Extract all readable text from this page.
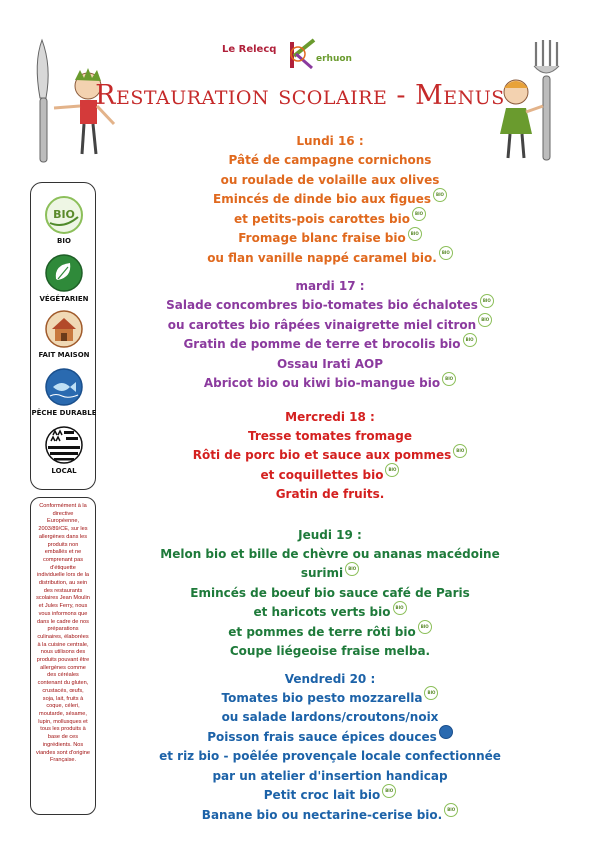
Le Relecq
erhuon
Restauration scolaire - Menus
BIO
BIO
VÉGÉTARIEN
FAIT MAISON
PÊCHE DURABLE
LOCAL
Conformément à la directive Européenne, 2003/89/CE, sur les allergènes dans les produits non emballés et ne comprenant pas d'étiquette individuelle lors de la distribution, au sein des restaurants scolaires Jean Moulin et Jules Ferry, nous vous informons que dans le cadre de nos préparations culinaires, élaborées à la cuisine centrale, nous utilisons des produits pouvant être allergènes comme des céréales contenant du gluten, crustacés, œufs, soja, lait, fruits à coque, céleri, moutarde, sésame, lupin, mollusques et tous les produits à base de ces ingrédients. Nos viandes sont d'origine Française.
Lundi 16 :
Pâté de campagne cornichons
ou roulade de volaille aux olives
Emincés de dinde bio aux figues BIO
et petits-pois carottes bio BIO
Fromage blanc fraise bio BIO
ou flan vanille nappé caramel bio. BIO
mardi 17 :
Salade concombres bio-tomates bio échalotes BIO
ou carottes bio râpées vinaigrette miel citron BIO
Gratin de pomme de terre et brocolis bio BIO
Ossau Irati AOP
Abricot bio ou kiwi bio-mangue bio BIO
Mercredi 18 :
Tresse tomates fromage
Rôti de porc bio et sauce aux pommes BIO
et coquillettes bio BIO
Gratin de fruits.
Jeudi 19 :
Melon bio et bille de chèvre ou ananas macédoine
surimi BIO
Emincés de boeuf bio sauce café de Paris
et haricots verts bio BIO
et pommes de terre rôti bio BIO
Coupe liégeoise fraise melba.
Vendredi 20 :
Tomates bio pesto mozzarella BIO
ou salade lardons/croutons/noix
Poisson frais sauce épices douces
et riz bio - poêlée provençale locale confectionnée
par un atelier d'insertion handicap
Petit croc lait bio BIO
Banane bio ou nectarine-cerise bio. BIO
